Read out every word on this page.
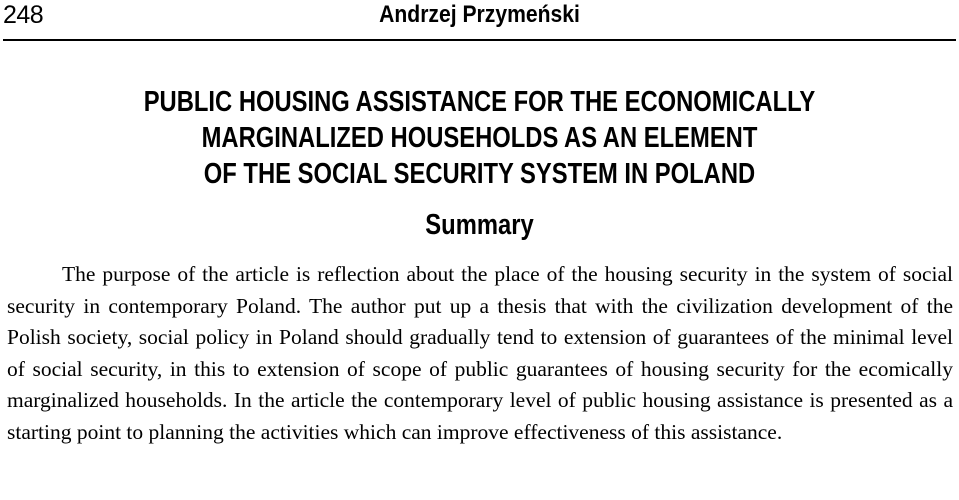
248	Andrzej Przymeński
PUBLIC HOUSING ASSISTANCE FOR THE ECONOMICALLY
MARGINALIZED HOUSEHOLDS AS AN ELEMENT
OF THE SOCIAL SECURITY SYSTEM IN POLAND
Summary

The purpose of the article is reflection about the place of the housing security in the system of social security in contemporary Poland. The author put up a thesis that with the civilization development of the Polish society, social policy in Poland should gradually tend to extension of guarantees of the minimal level of social security, in this to extension of scope of public guarantees of housing security for the ecomically marginalized households. In the article the contemporary level of public housing assistance is presented as a starting point to planning the activities which can improve effectiveness of this assistance.
